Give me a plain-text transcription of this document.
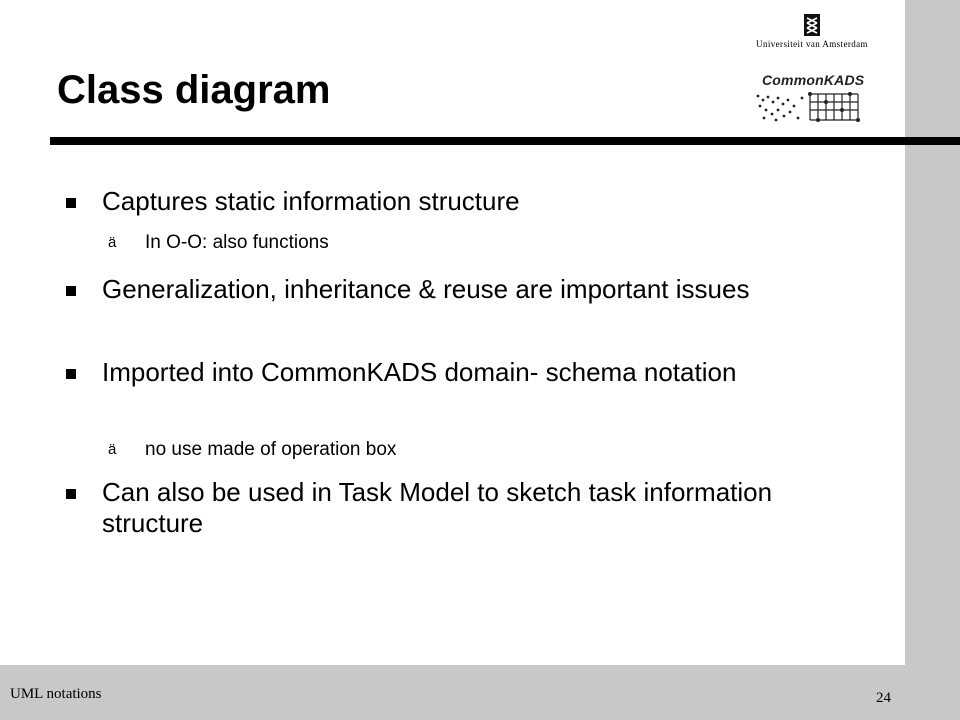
Universiteit van Amsterdam
CommonKADS
Class diagram
Captures static information structure
ä In O-O: also functions
Generalization, inheritance & reuse are important issues
Imported into CommonKADS domain- schema notation
ä no use made of operation box
Can also be used in Task Model to sketch task information structure
UML notations	24
